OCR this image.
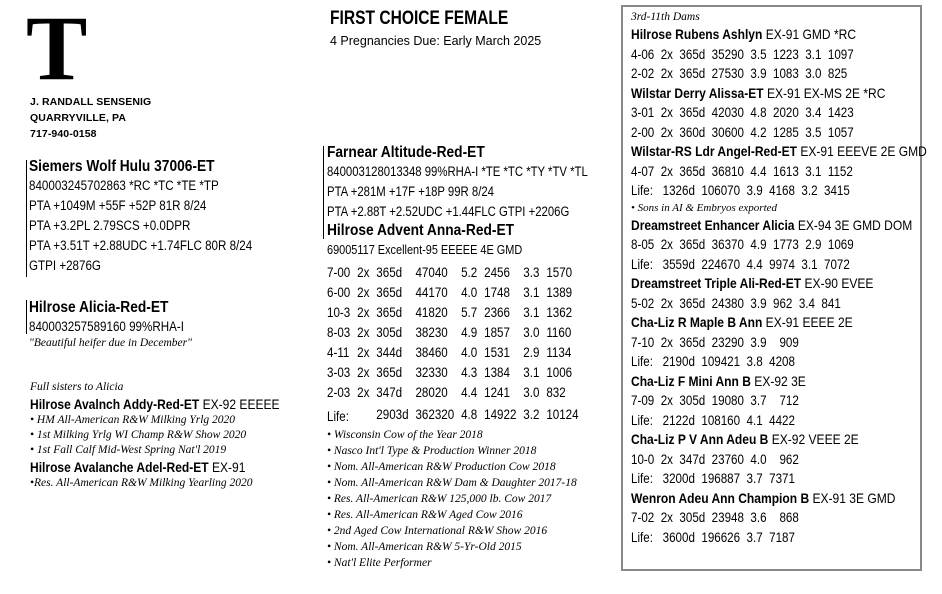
T
J. RANDALL SENSENIG
QUARRYVILLE, PA
717-940-0158
FIRST CHOICE FEMALE
4 Pregnancies Due: Early March 2025
Siemers Wolf Hulu 37006-ET
840003245702863 *RC *TC *TE *TP
PTA +1049M +55F +52P 81R 8/24
PTA +3.2PL 2.79SCS +0.0DPR
PTA +3.51T +2.88UDC +1.74FLC 80R 8/24
GTPI +2876G
Hilrose Alicia-Red-ET
840003257589160 99%RHA-I
"Beautiful heifer due in December"
Full sisters to Alicia
Hilrose Avalnch Addy-Red-ET EX-92 EEEEE
• HM All-American R&W Milking Yrlg 2020
• 1st Milking Yrlg WI Champ R&W Show 2020
• 1st Fall Calf Mid-West Spring Nat'l 2019
Hilrose Avalanche Adel-Red-ET EX-91
•Res. All-American R&W Milking Yearling 2020
Farnear Altitude-Red-ET
840003128013348 99%RHA-I *TE *TC *TY *TV *TL
PTA +281M +17F +18P 99R 8/24
PTA +2.88T +2.52UDC +1.44FLC GTPI +2206G
Hilrose Advent Anna-Red-ET
69005117 Excellent-95 EEEEE 4E GMD
7-00	2x	365d	47040	5.2	2456	3.3	1570
6-00	2x	365d	44170	4.0	1748	3.1	1389
10-3	2x	365d	41820	5.7	2366	3.1	1362
8-03	2x	305d	38230	4.9	1857	3.0	1160
4-11	2x	344d	38460	4.0	1531	2.9	1134
3-03	2x	365d	32330	4.3	1384	3.1	1006
2-03	2x	347d	28020	4.4	1241	3.0	832
Life:		2903d	362320	4.8	14922	3.2	10124
• Wisconsin Cow of the Year 2018
• Nasco Int'l Type & Production Winner 2018
• Nom. All-American R&W Production Cow 2018
• Nom. All-American R&W Dam & Daughter 2017-18
• Res. All-American R&W 125,000 lb. Cow 2017
• Res. All-American R&W Aged Cow 2016
• 2nd Aged Cow International R&W Show 2016
• Nom. All-American R&W 5-Yr-Old 2015
• Nat'l Elite Performer
3rd-11th Dams
Hilrose Rubens Ashlyn EX-91 GMD *RC
4-06  2x  365d  35290  3.5  1223  3.1  1097
2-02  2x  365d  27530  3.9  1083  3.0  825
Wilstar Derry Alissa-ET EX-91 EX-MS 2E *RC
3-01  2x  365d  42030  4.8  2020  3.4  1423
2-00  2x  360d  30600  4.2  1285  3.5  1057
Wilstar-RS Ldr Angel-Red-ET EX-91 EEEVE 2E GMD
4-07  2x  365d  36810  4.4  1613  3.1  1152
Life:   1326d  106070  3.9  4168  3.2  3415
• Sons in AI & Embryos exported
Dreamstreet Enhancer Alicia EX-94 3E GMD DOM
8-05  2x  365d  36370  4.9  1773  2.9  1069
Life:   3559d  224670  4.4  9974  3.1  7072
Dreamstreet Triple Ali-Red-ET EX-90 EVEE
5-02  2x  365d  24380  3.9  962  3.4  841
Cha-Liz R Maple B Ann EX-91 EEEE 2E
7-10  2x  365d  23290  3.9    909
Life:   2190d  109421  3.8  4208
Cha-Liz F Mini Ann B EX-92 3E
7-09  2x  305d  19080  3.7    712
Life:   2122d  108160  4.1  4422
Cha-Liz P V Ann Adeu B EX-92 VEEE 2E
10-0  2x  347d  23760  4.0    962
Life:   3200d  196887  3.7  7371
Wenron Adeu Ann Champion B EX-91 3E GMD
7-02  2x  305d  23948  3.6    868
Life:   3600d  196626  3.7  7187
